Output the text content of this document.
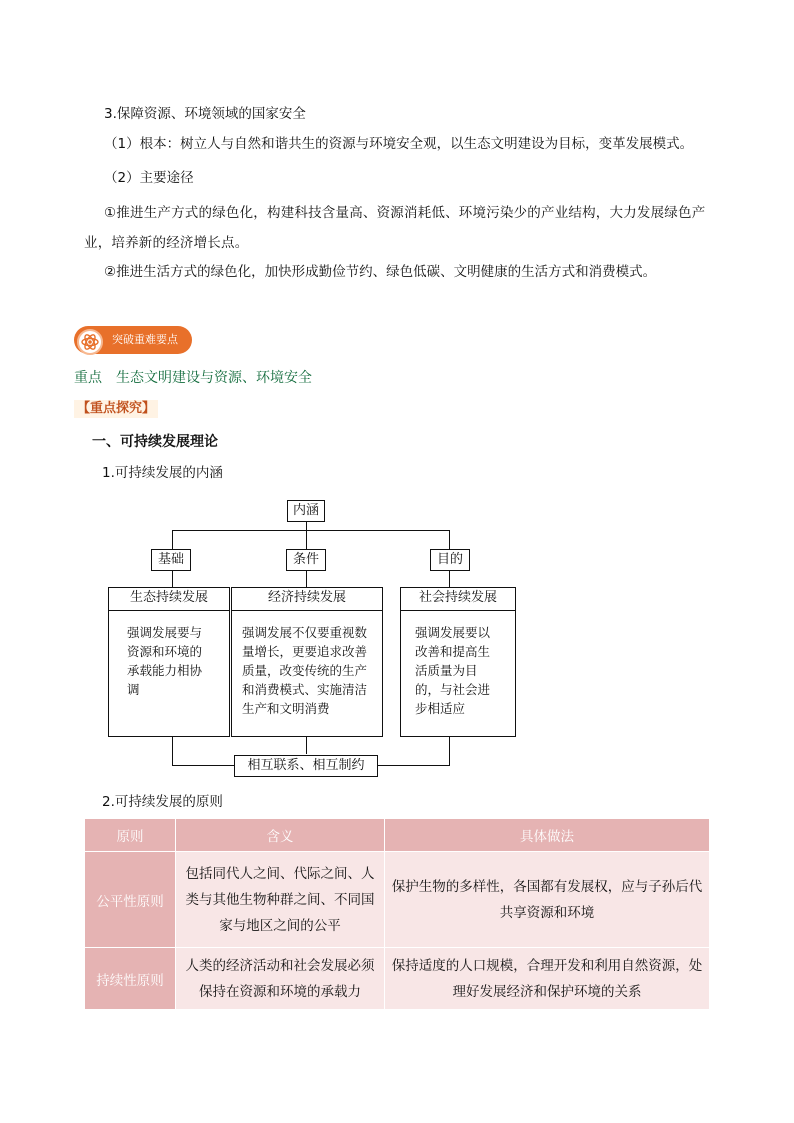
3.保障资源、环境领域的国家安全
（1）根本：树立人与自然和谐共生的资源与环境安全观，以生态文明建设为目标，变革发展模式。
（2）主要途径
①推进生产方式的绿色化，构建科技含量高、资源消耗低、环境污染少的产业结构，大力发展绿色产业，培养新的经济增长点。
②推进生活方式的绿色化，加快形成勤俭节约、绿色低碳、文明健康的生活方式和消费模式。
突破重难要点
重点　生态文明建设与资源、环境安全
【重点探究】
一、可持续发展理论
1.可持续发展的内涵
内涵
基础	条件	目的
生态持续发展
强调发展要与资源和环境的承载能力相协调
经济持续发展
强调发展不仅要重视数量增长，更要追求改善质量，改变传统的生产和消费模式、实施清洁生产和文明消费
社会持续发展
强调发展要以改善和提高生活质量为目的，与社会进步相适应
相互联系、相互制约
2.可持续发展的原则
原则	含义	具体做法
公平性原则	包括同代人之间、代际之间、人类与其他生物种群之间、不同国家与地区之间的公平	保护生物的多样性，各国都有发展权，应与子孙后代共享资源和环境
持续性原则	人类的经济活动和社会发展必须保持在资源和环境的承载力	保持适度的人口规模，合理开发和利用自然资源，处理好发展经济和保护环境的关系
